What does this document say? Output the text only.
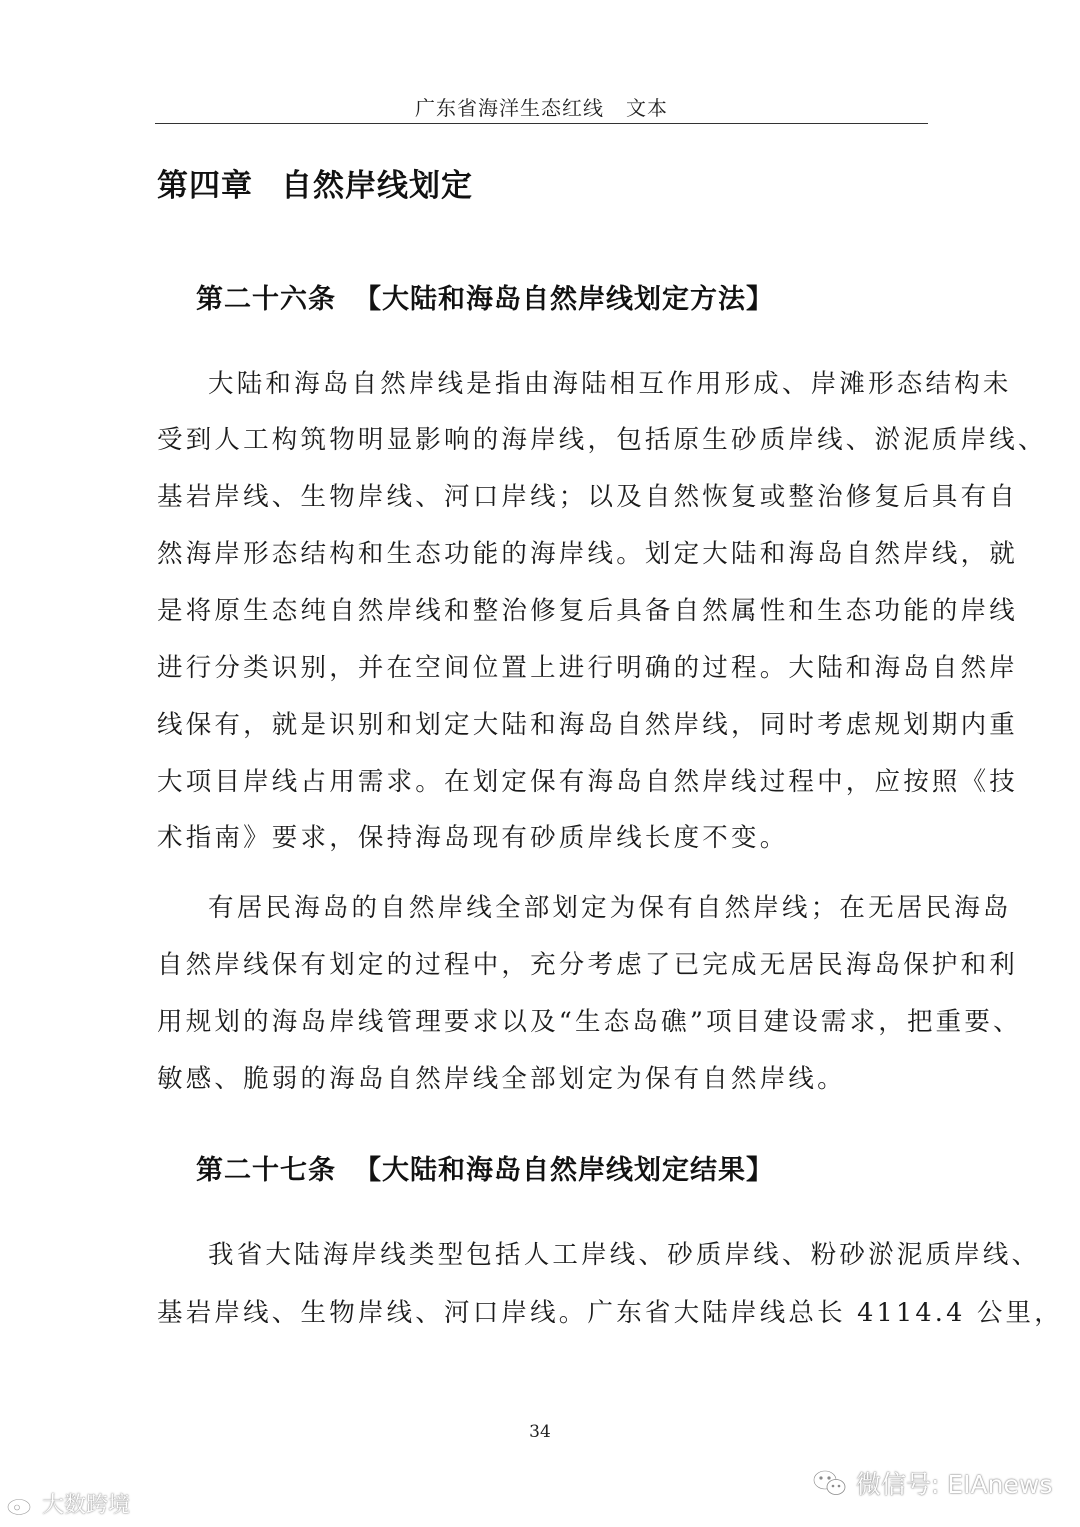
广东省海洋生态红线 文本
第四章 自然岸线划定
第二十六条 【大陆和海岛自然岸线划定方法】
大陆和海岛自然岸线是指由海陆相互作用形成、岸滩形态结构未
受到人工构筑物明显影响的海岸线，包括原生砂质岸线、淤泥质岸线、
基岩岸线、生物岸线、河口岸线；以及自然恢复或整治修复后具有自
然海岸形态结构和生态功能的海岸线。划定大陆和海岛自然岸线，就
是将原生态纯自然岸线和整治修复后具备自然属性和生态功能的岸线
进行分类识别，并在空间位置上进行明确的过程。大陆和海岛自然岸
线保有，就是识别和划定大陆和海岛自然岸线，同时考虑规划期内重
大项目岸线占用需求。在划定保有海岛自然岸线过程中，应按照《技
术指南》要求，保持海岛现有砂质岸线长度不变。
有居民海岛的自然岸线全部划定为保有自然岸线；在无居民海岛
自然岸线保有划定的过程中，充分考虑了已完成无居民海岛保护和利
用规划的海岛岸线管理要求以及“生态岛礁”项目建设需求，把重要、
敏感、脆弱的海岛自然岸线全部划定为保有自然岸线。
第二十七条 【大陆和海岛自然岸线划定结果】
我省大陆海岸线类型包括人工岸线、砂质岸线、粉砂淤泥质岸线、
基岩岸线、生物岸线、河口岸线。广东省大陆岸线总长 4114.4 公里，
34
大数跨境
微信号: EIAnews
